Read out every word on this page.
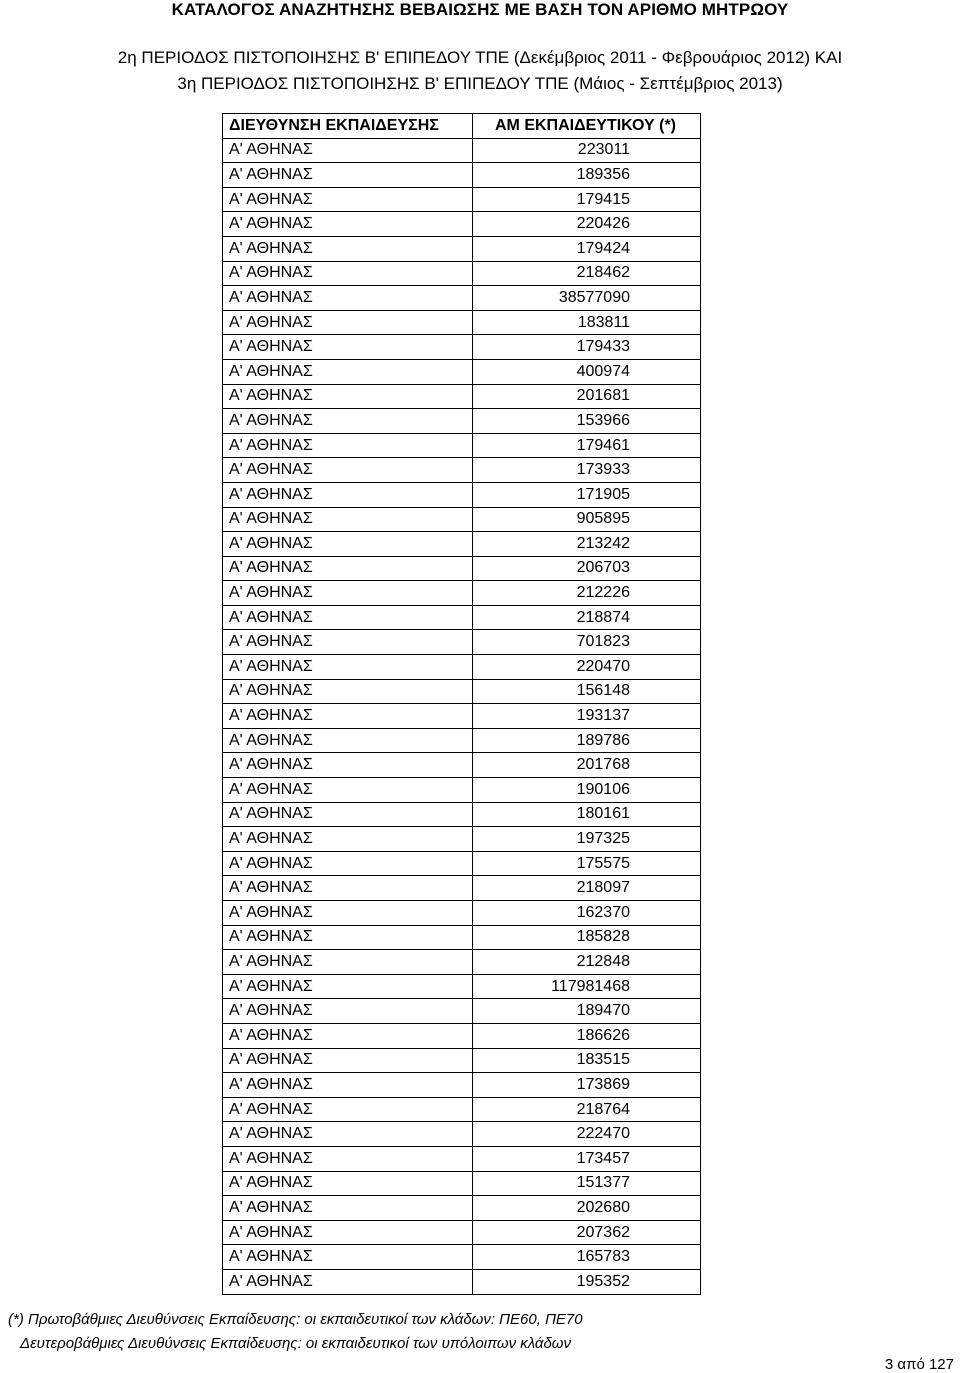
ΚΑΤΑΛΟΓΟΣ ΑΝΑΖΗΤΗΣΗΣ ΒΕΒΑΙΩΣΗΣ ΜΕ ΒΑΣΗ ΤΟΝ ΑΡΙΘΜΟ ΜΗΤΡΩΟΥ
2η ΠΕΡΙΟΔΟΣ ΠΙΣΤΟΠΟΙΗΣΗΣ Β' ΕΠΙΠΕΔΟΥ ΤΠΕ (Δεκέμβριος 2011 - Φεβρουάριος 2012) ΚΑΙ
3η ΠΕΡΙΟΔΟΣ ΠΙΣΤΟΠΟΙΗΣΗΣ Β' ΕΠΙΠΕΔΟΥ ΤΠΕ (Μάιος - Σεπτέμβριος 2013)
ΔΙΕΥΘΥΝΣΗ ΕΚΠΑΙΔΕΥΣΗΣ	ΑΜ ΕΚΠΑΙΔΕΥΤΙΚΟΥ (*)
Α' ΑΘΗΝΑΣ	223011
Α' ΑΘΗΝΑΣ	189356
Α' ΑΘΗΝΑΣ	179415
Α' ΑΘΗΝΑΣ	220426
Α' ΑΘΗΝΑΣ	179424
Α' ΑΘΗΝΑΣ	218462
Α' ΑΘΗΝΑΣ	38577090
Α' ΑΘΗΝΑΣ	183811
Α' ΑΘΗΝΑΣ	179433
Α' ΑΘΗΝΑΣ	400974
Α' ΑΘΗΝΑΣ	201681
Α' ΑΘΗΝΑΣ	153966
Α' ΑΘΗΝΑΣ	179461
Α' ΑΘΗΝΑΣ	173933
Α' ΑΘΗΝΑΣ	171905
Α' ΑΘΗΝΑΣ	905895
Α' ΑΘΗΝΑΣ	213242
Α' ΑΘΗΝΑΣ	206703
Α' ΑΘΗΝΑΣ	212226
Α' ΑΘΗΝΑΣ	218874
Α' ΑΘΗΝΑΣ	701823
Α' ΑΘΗΝΑΣ	220470
Α' ΑΘΗΝΑΣ	156148
Α' ΑΘΗΝΑΣ	193137
Α' ΑΘΗΝΑΣ	189786
Α' ΑΘΗΝΑΣ	201768
Α' ΑΘΗΝΑΣ	190106
Α' ΑΘΗΝΑΣ	180161
Α' ΑΘΗΝΑΣ	197325
Α' ΑΘΗΝΑΣ	175575
Α' ΑΘΗΝΑΣ	218097
Α' ΑΘΗΝΑΣ	162370
Α' ΑΘΗΝΑΣ	185828
Α' ΑΘΗΝΑΣ	212848
Α' ΑΘΗΝΑΣ	117981468
Α' ΑΘΗΝΑΣ	189470
Α' ΑΘΗΝΑΣ	186626
Α' ΑΘΗΝΑΣ	183515
Α' ΑΘΗΝΑΣ	173869
Α' ΑΘΗΝΑΣ	218764
Α' ΑΘΗΝΑΣ	222470
Α' ΑΘΗΝΑΣ	173457
Α' ΑΘΗΝΑΣ	151377
Α' ΑΘΗΝΑΣ	202680
Α' ΑΘΗΝΑΣ	207362
Α' ΑΘΗΝΑΣ	165783
Α' ΑΘΗΝΑΣ	195352
(*) Πρωτοβάθμιες Διευθύνσεις Εκπαίδευσης: οι εκπαιδευτικοί των κλάδων: ΠΕ60, ΠΕ70
Δευτεροβάθμιες Διευθύνσεις Εκπαίδευσης: οι εκπαιδευτικοί των υπόλοιπων κλάδων
3 από 127
